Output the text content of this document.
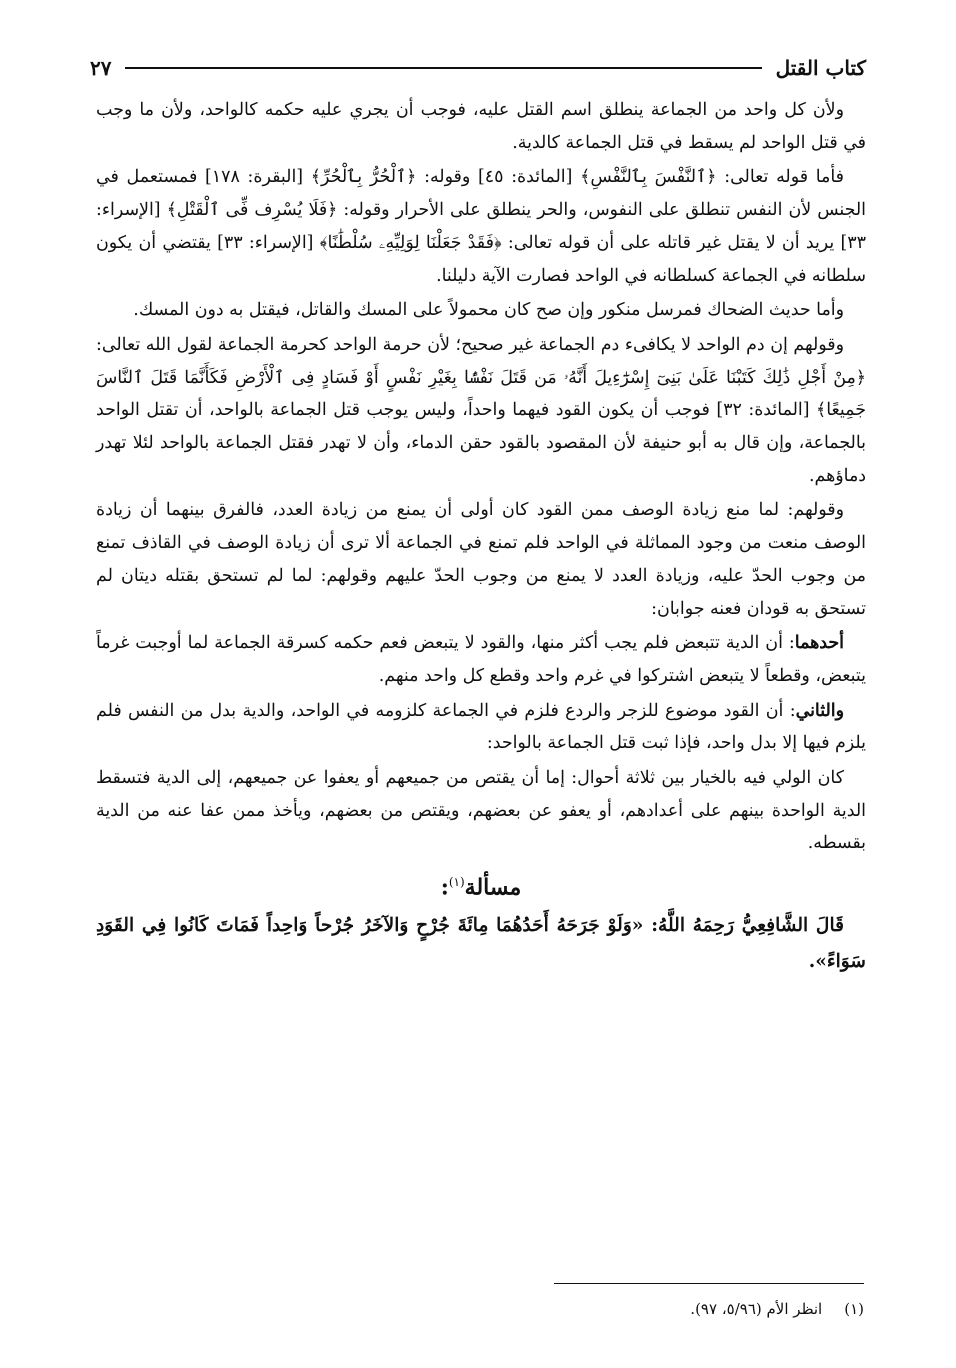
كتاب القتل
٢٧

ولأن كل واحد من الجماعة ينطلق اسم القتل عليه، فوجب أن يجري عليه حكمه كالواحد، ولأن ما وجب في قتل الواحد لم يسقط في قتل الجماعة كالدية.

فأما قوله تعالى: ﴿ٱلنَّفْسَ بِٱلنَّفْسِ﴾ [المائدة: ٤٥] وقوله: ﴿ٱلْحُرُّ بِٱلْحُرِّ﴾ [البقرة: ١٧٨] فمستعمل في الجنس لأن النفس تنطلق على النفوس، والحر ينطلق على الأحرار وقوله: ﴿فَلَا يُسْرِف فِّى ٱلْقَتْلِ﴾ [الإسراء: ٣٣] يريد أن لا يقتل غير قاتله على أن قوله تعالى: ﴿فَقَدْ جَعَلْنَا لِوَلِيِّهِۦ سُلْطَٰنًا﴾ [الإسراء: ٣٣] يقتضي أن يكون سلطانه في الجماعة كسلطانه في الواحد فصارت الآية دليلنا.

وأما حديث الضحاك فمرسل منكور وإن صح كان محمولاً على المسك والقاتل، فيقتل به دون المسك.

وقولهم إن دم الواحد لا يكافىء دم الجماعة غير صحيح؛ لأن حرمة الواحد كحرمة الجماعة لقول الله تعالى: ﴿مِنْ أَجْلِ ذَٰلِكَ كَتَبْنَا عَلَىٰ بَنِىٓ إِسْرَٰٓءِيلَ أَنَّهُۥ مَن قَتَلَ نَفْسًۢا بِغَيْرِ نَفْسٍ أَوْ فَسَادٍ فِى ٱلْأَرْضِ فَكَأَنَّمَا قَتَلَ ٱلنَّاسَ جَمِيعًا﴾ [المائدة: ٣٢] فوجب أن يكون القود فيهما واحداً، وليس يوجب قتل الجماعة بالواحد، أن تقتل الواحد بالجماعة، وإن قال به أبو حنيفة لأن المقصود بالقود حقن الدماء، وأن لا تهدر فقتل الجماعة بالواحد لئلا تهدر دماؤهم.

وقولهم: لما منع زيادة الوصف ممن القود كان أولى أن يمنع من زيادة العدد، فالفرق بينهما أن زيادة الوصف منعت من وجود المماثلة في الواحد فلم تمنع في الجماعة ألا ترى أن زيادة الوصف في القاذف تمنع من وجوب الحدّ عليه، وزيادة العدد لا يمنع من وجوب الحدّ عليهم وقولهم: لما لم تستحق بقتله ديتان لم تستحق به قودان فعنه جوابان:

أحدهما: أن الدية تتبعض فلم يجب أكثر منها، والقود لا يتبعض فعم حكمه كسرقة الجماعة لما أوجبت غرماً يتبعض، وقطعاً لا يتبعض اشتركوا في غرم واحد وقطع كل واحد منهم.

والثاني: أن القود موضوع للزجر والردع فلزم في الجماعة كلزومه في الواحد، والدية بدل من النفس فلم يلزم فيها إلا بدل واحد، فإذا ثبت قتل الجماعة بالواحد:

كان الولي فيه بالخيار بين ثلاثة أحوال: إما أن يقتص من جميعهم أو يعفوا عن جميعهم، إلى الدية فتسقط الدية الواحدة بينهم على أعدادهم، أو يعفو عن بعضهم، ويقتص من بعضهم، ويأخذ ممن عفا عنه من الدية بقسطه.

مسألة$^{(١)}$:

قَالَ الشَّافِعِيُّ رَحِمَهُ اللَّهُ: «وَلَوْ جَرَحَهُ أَحَدُهُمَا مِائَةَ جُرْحٍ وَالآخَرُ جُرْحاً وَاحِداً فَمَاتَ كَانُوا فِي القَوَدِ سَوَاءً».

(١)انظر الأم (٥/٩٦، ٩٧).
